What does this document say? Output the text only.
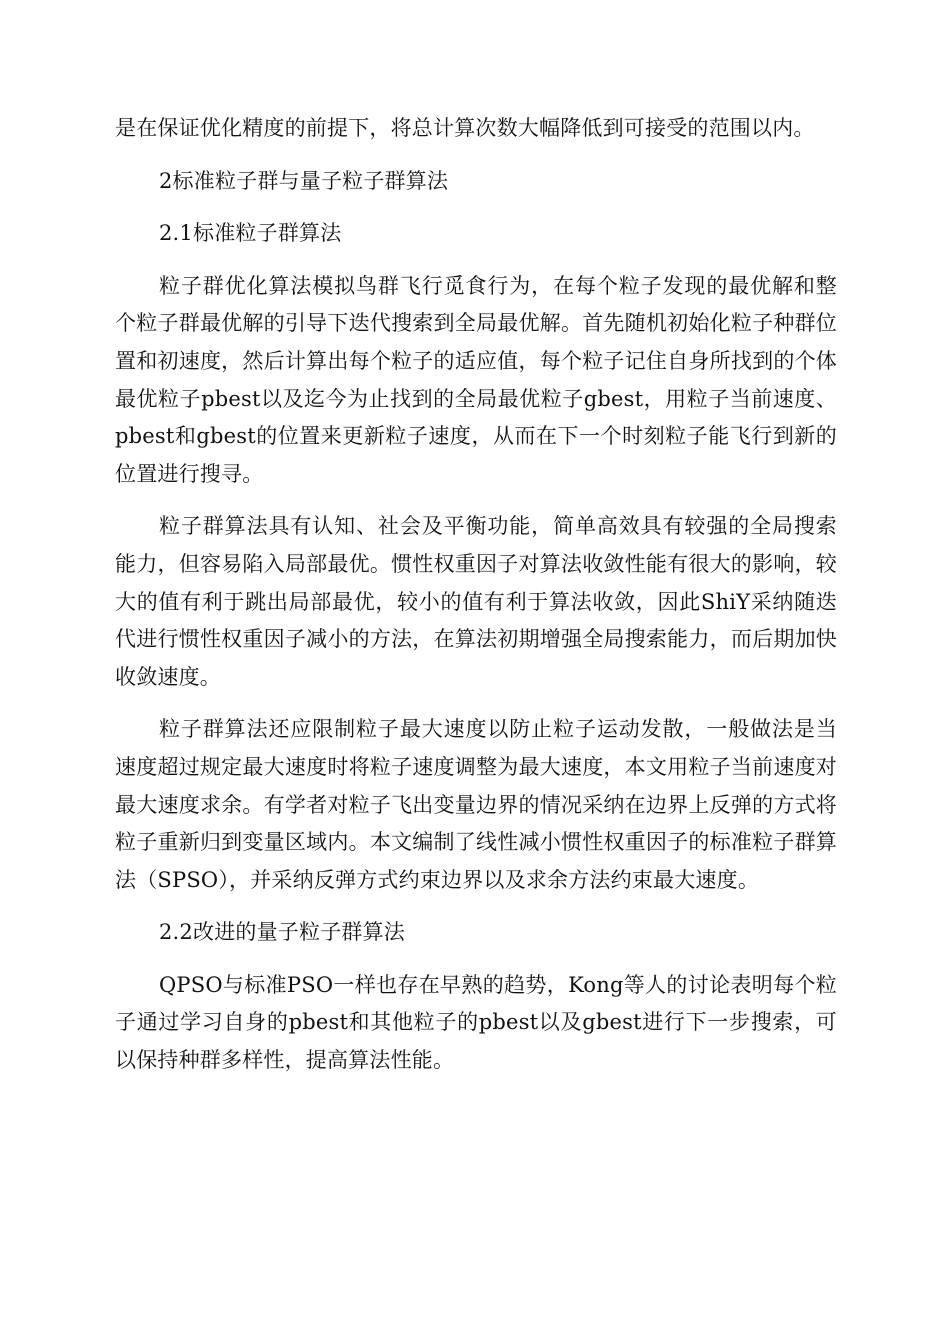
是在保证优化精度的前提下，将总计算次数大幅降低到可接受的范围以内。

2标准粒子群与量子粒子群算法

2.1标准粒子群算法

粒子群优化算法模拟鸟群飞行觅食行为，在每个粒子发现的最优解和整个粒子群最优解的引导下迭代搜索到全局最优解。首先随机初始化粒子种群位置和初速度，然后计算出每个粒子的适应值，每个粒子记住自身所找到的个体最优粒子pbest以及迄今为止找到的全局最优粒子gbest，用粒子当前速度、pbest和gbest的位置来更新粒子速度，从而在下一个时刻粒子能飞行到新的位置进行搜寻。

粒子群算法具有认知、社会及平衡功能，简单高效具有较强的全局搜索能力，但容易陷入局部最优。惯性权重因子对算法收敛性能有很大的影响，较大的值有利于跳出局部最优，较小的值有利于算法收敛，因此ShiY采纳随迭代进行惯性权重因子减小的方法，在算法初期增强全局搜索能力，而后期加快收敛速度。

粒子群算法还应限制粒子最大速度以防止粒子运动发散，一般做法是当速度超过规定最大速度时将粒子速度调整为最大速度，本文用粒子当前速度对最大速度求余。有学者对粒子飞出变量边界的情况采纳在边界上反弹的方式将粒子重新归到变量区域内。本文编制了线性减小惯性权重因子的标准粒子群算法（SPSO），并采纳反弹方式约束边界以及求余方法约束最大速度。

2.2改进的量子粒子群算法

QPSO与标准PSO一样也存在早熟的趋势，Kong等人的讨论表明每个粒子通过学习自身的pbest和其他粒子的pbest以及gbest进行下一步搜索，可以保持种群多样性，提高算法性能。
